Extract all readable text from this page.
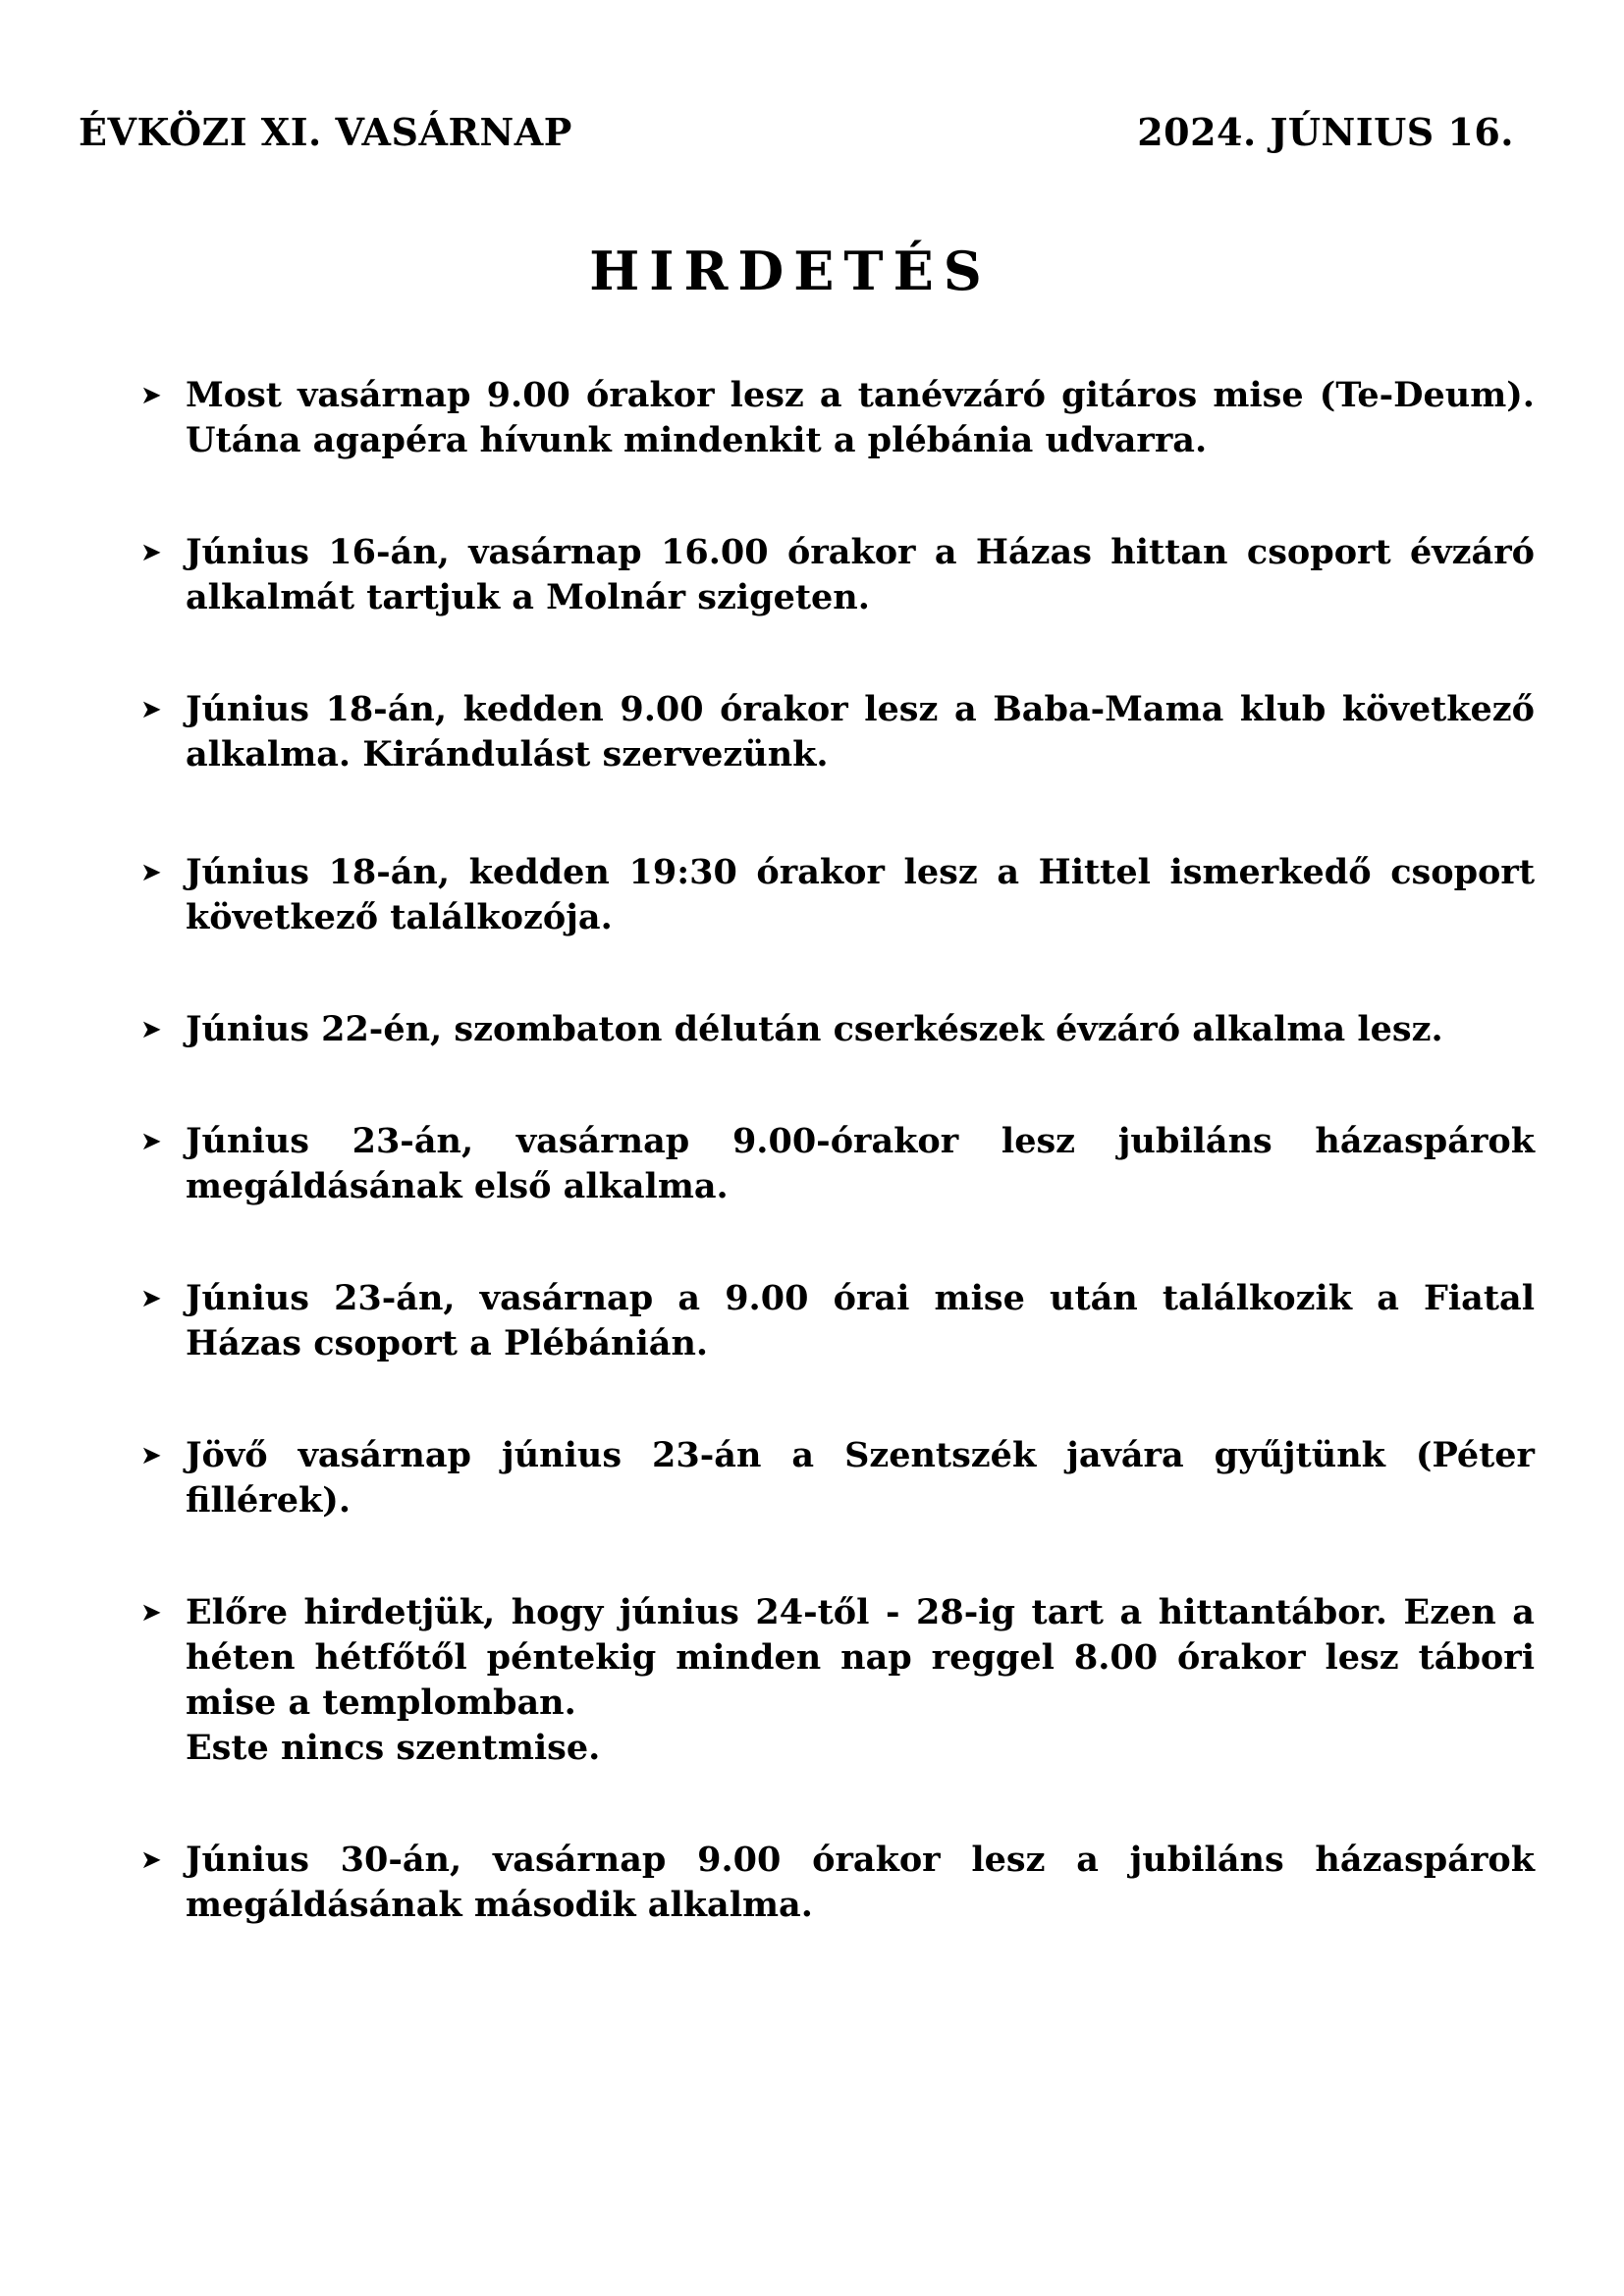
ÉVKÖZI XI. VASÁRNAP	2024. JÚNIUS 16.
HIRDETÉS
➤ Most vasárnap 9.00 órakor lesz a tanévzáró gitáros mise (Te-Deum). Utána agapéra hívunk mindenkit a plébánia udvarra.
➤ Június 16-án, vasárnap 16.00 órakor a Házas hittan csoport évzáró alkalmát tartjuk a Molnár szigeten.
➤ Június 18-án, kedden 9.00 órakor lesz a Baba-Mama klub következő alkalma. Kirándulást szervezünk.
➤ Június 18-án, kedden 19:30 órakor lesz a Hittel ismerkedő csoport következő találkozója.
➤ Június 22-én, szombaton délután cserkészek évzáró alkalma lesz.
➤ Június 23-án, vasárnap 9.00-órakor lesz jubiláns házaspárok megáldásának első alkalma.
➤ Június 23-án, vasárnap a 9.00 órai mise után találkozik a Fiatal Házas csoport a Plébánián.
➤ Jövő vasárnap június 23-án a Szentszék javára gyűjtünk (Péter fillérek).
➤ Előre hirdetjük, hogy június 24-től - 28-ig tart a hittantábor. Ezen a héten hétfőtől péntekig minden nap reggel 8.00 órakor lesz tábori mise a templomban.
Este nincs szentmise.
➤ Június 30-án, vasárnap 9.00 órakor lesz a jubiláns házaspárok megáldásának második alkalma.
